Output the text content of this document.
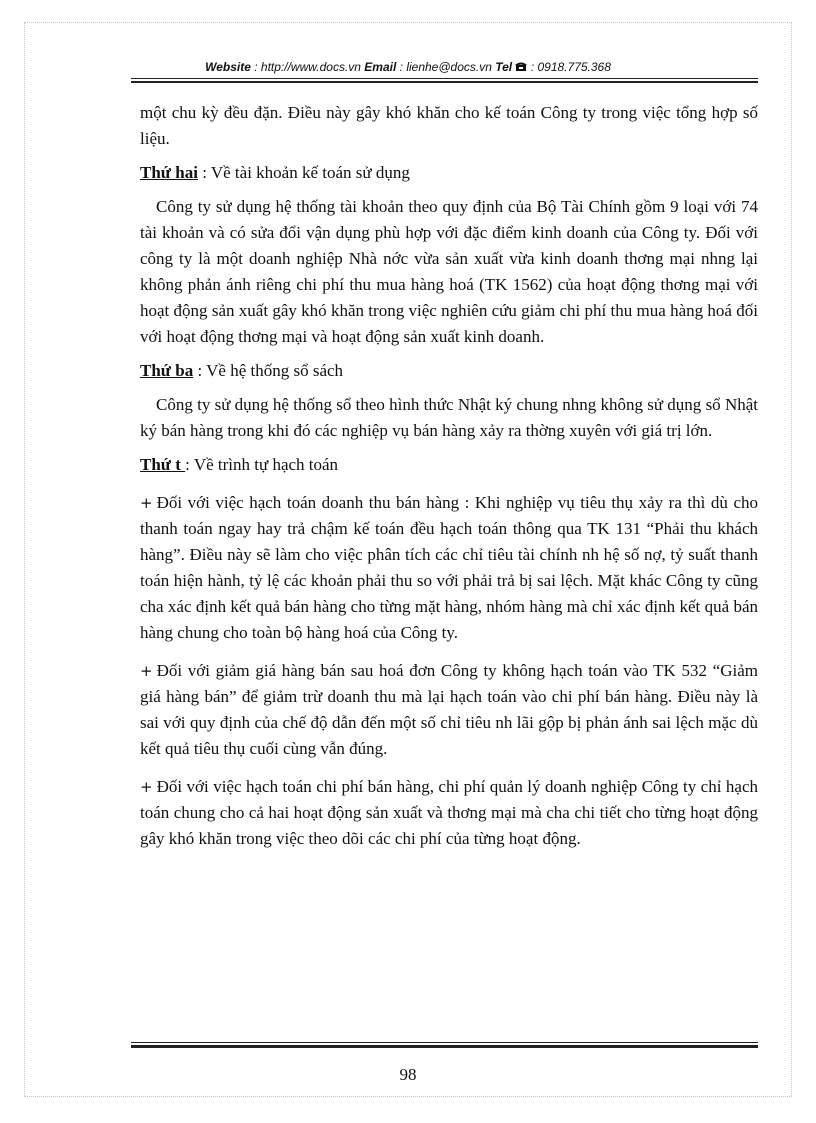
Website : http://www.docs.vn Email : lienhe@docs.vn Tel : 0918.775.368

một chu kỳ đều đặn. Điều này gây khó khăn cho kế toán Công ty trong việc tổng hợp số liệu.

Thứ hai : Về tài khoản kế toán sử dụng

Công ty sử dụng hệ thống tài khoản theo quy định của Bộ Tài Chính gồm 9 loại với 74 tài khoản và có sửa đổi vận dụng phù hợp với đặc điểm kinh doanh của Công ty. Đối với công ty là một doanh nghiệp Nhà nớc vừa sản xuất vừa kinh doanh thơng mại nhng lại không phản ánh riêng chi phí thu mua hàng hoá (TK 1562) của hoạt động thơng mại với hoạt động sản xuất gây khó khăn trong việc nghiên cứu giảm chi phí thu mua hàng hoá đối với hoạt động thơng mại và hoạt động sản xuất kinh doanh.

Thứ ba : Về hệ thống sổ sách

Công ty sử dụng hệ thống sổ theo hình thức Nhật ký chung nhng không sử dụng sổ Nhật ký bán hàng trong khi đó các nghiệp vụ bán hàng xảy ra thờng xuyên với giá trị lớn.

Thứ t : Về trình tự hạch toán

+ Đối với việc hạch toán doanh thu bán hàng : Khi nghiệp vụ tiêu thụ xảy ra thì dù cho thanh toán ngay hay trả chậm kế toán đều hạch toán thông qua TK 131 “Phải thu khách hàng”. Điều này sẽ làm cho việc phân tích các chỉ tiêu tài chính nh hệ số nợ, tỷ suất thanh toán hiện hành, tỷ lệ các khoản phải thu so với phải trả bị sai lệch. Mặt khác Công ty cũng cha xác định kết quả bán hàng cho từng mặt hàng, nhóm hàng mà chỉ xác định kết quả bán hàng chung cho toàn bộ hàng hoá của Công ty.

+ Đối với giảm giá hàng bán sau hoá đơn Công ty không hạch toán vào TK 532 “Giảm giá hàng bán” để giảm trừ doanh thu mà lại hạch toán vào chi phí bán hàng. Điều này là sai với quy định của chế độ dẫn đến một số chỉ tiêu nh lãi gộp bị phản ánh sai lệch mặc dù kết quả tiêu thụ cuối cùng vẫn đúng.

+ Đối với việc hạch toán chi phí bán hàng, chi phí quản lý doanh nghiệp Công ty chỉ hạch toán chung cho cả hai hoạt động sản xuất và thơng mại mà cha chi tiết cho từng hoạt động gây khó khăn trong việc theo dõi các chi phí của từng hoạt động.

98
